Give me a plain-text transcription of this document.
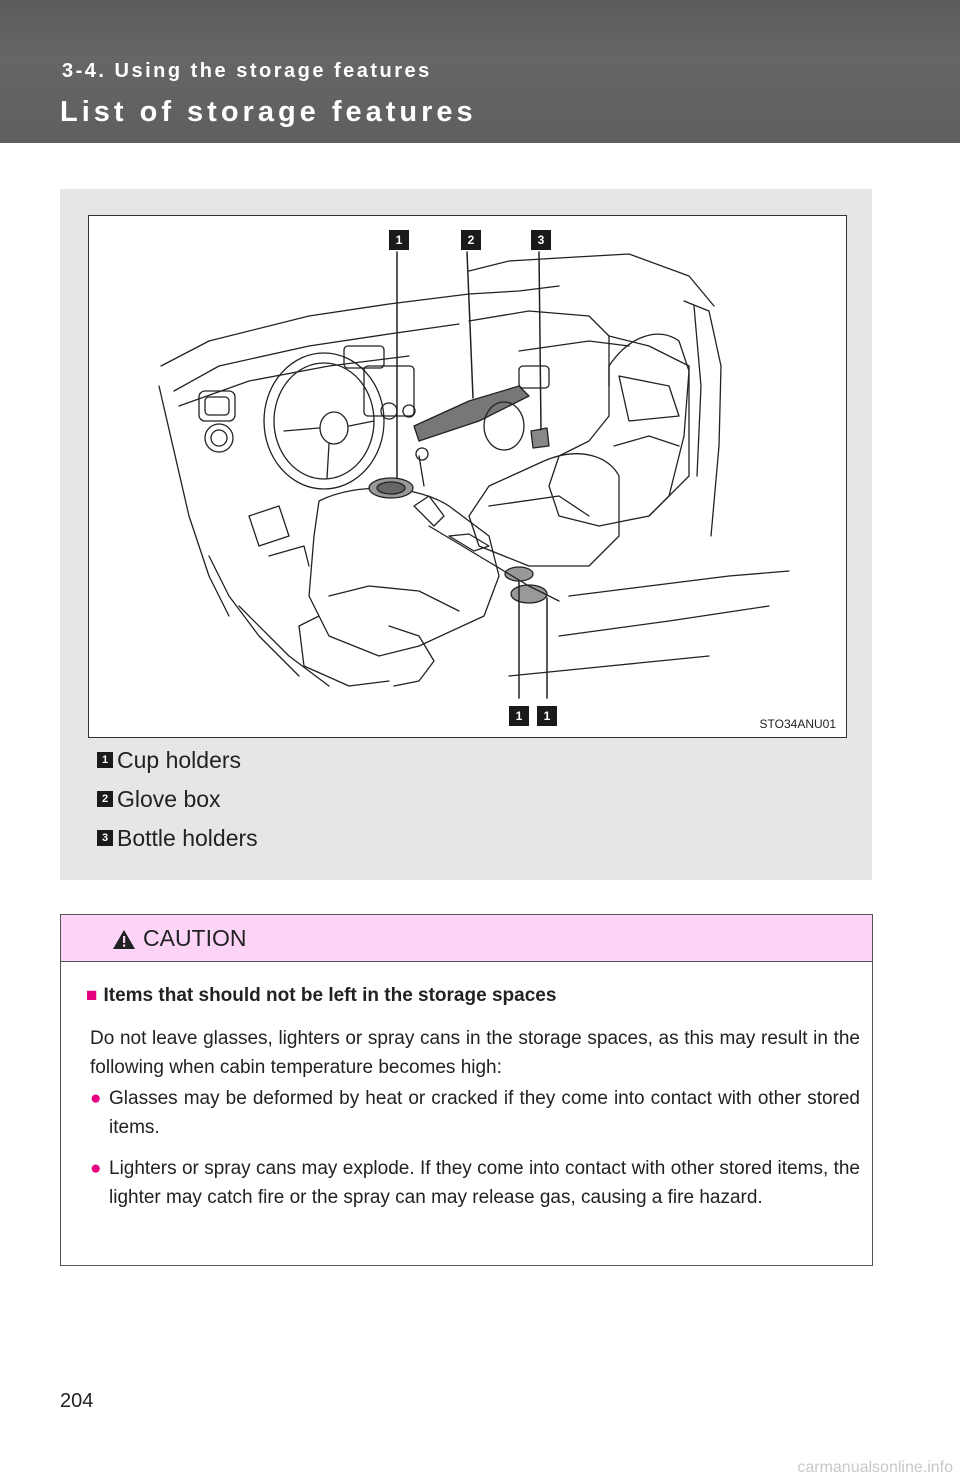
3-4. Using the storage features
List of storage features
1	2	3
1	1
STO34ANU01
1 Cup holders
2 Glove box
3 Bottle holders
CAUTION
■ Items that should not be left in the storage spaces
Do not leave glasses, lighters or spray cans in the storage spaces, as this may result in the following when cabin temperature becomes high:
● Glasses may be deformed by heat or cracked if they come into contact with other stored items.
● Lighters or spray cans may explode. If they come into contact with other stored items, the lighter may catch fire or the spray can may release gas, causing a fire hazard.
204
carmanualsonline.info
